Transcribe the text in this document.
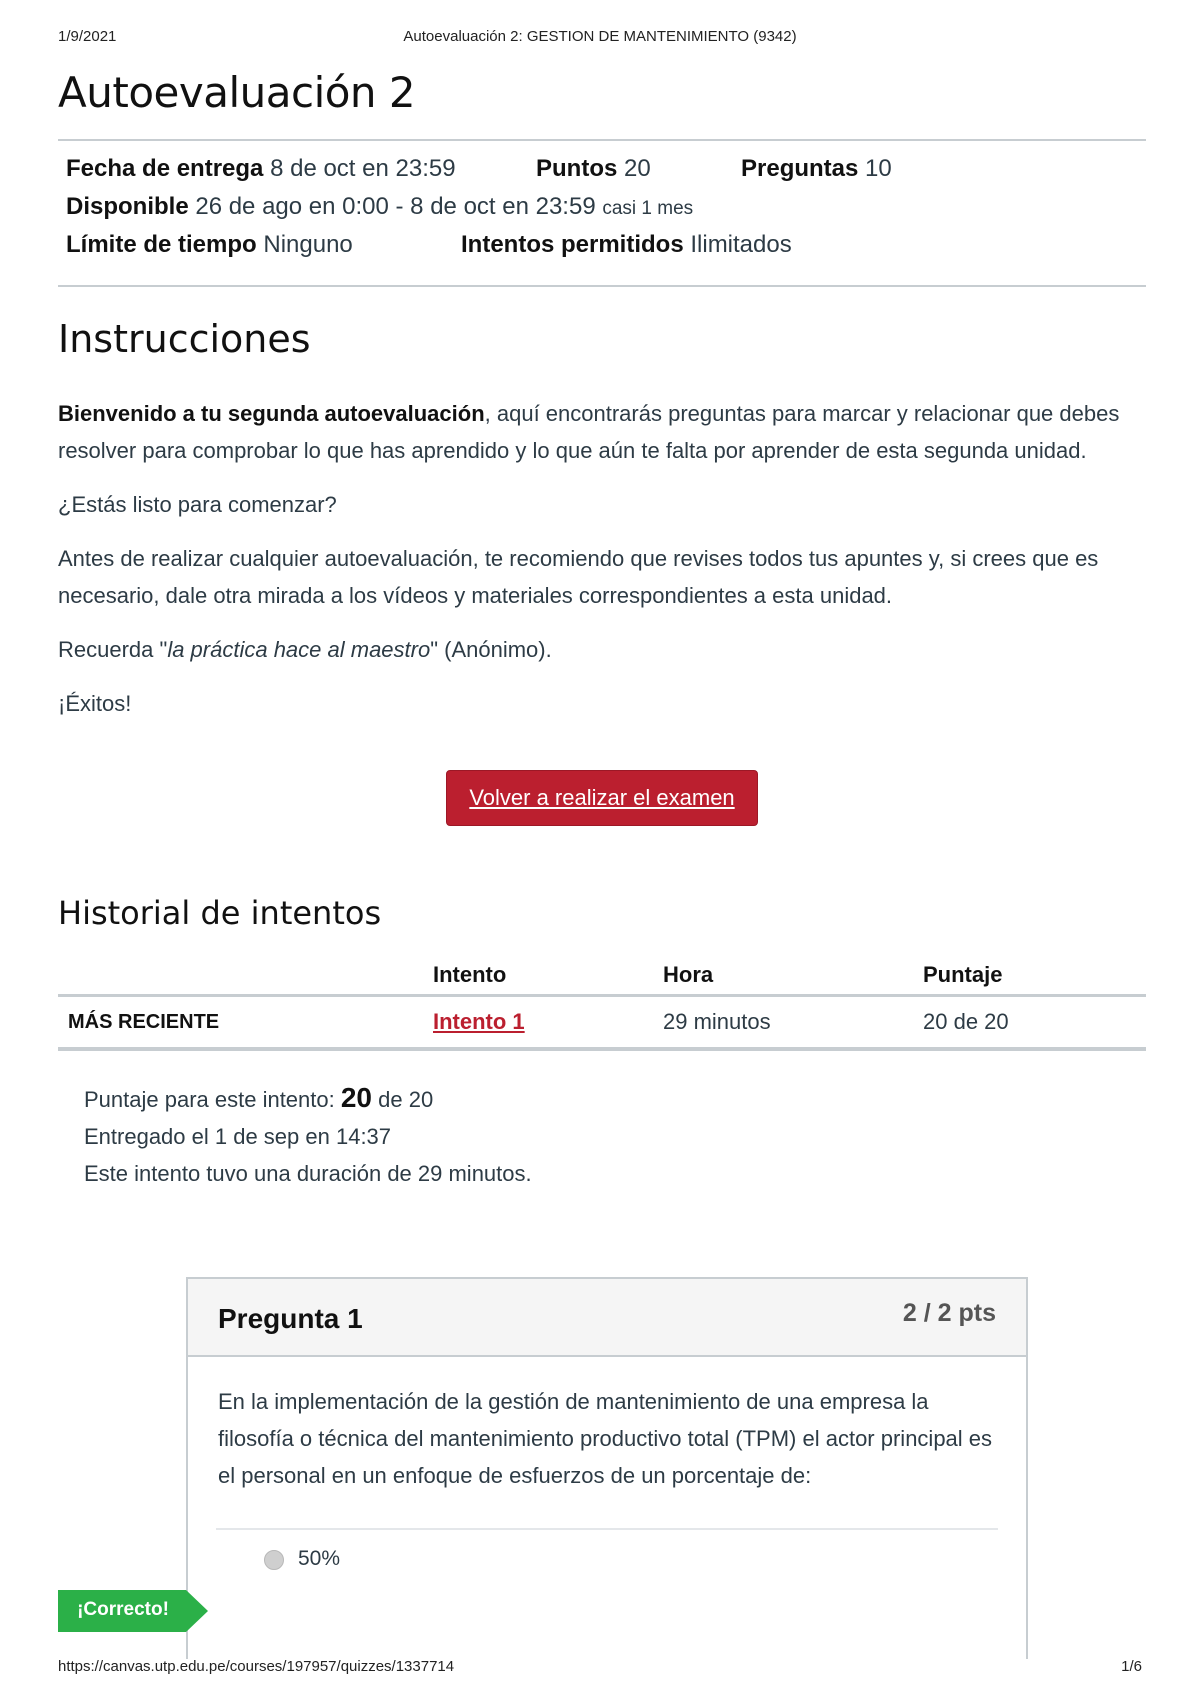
1/9/2021	Autoevaluación 2: GESTION DE MANTENIMIENTO (9342)
Autoevaluación 2
Fecha de entrega 8 de oct en 23:59	Puntos 20	Preguntas 10
Disponible 26 de ago en 0:00 - 8 de oct en 23:59 casi 1 mes
Límite de tiempo Ninguno	Intentos permitidos Ilimitados
Instrucciones

Bienvenido a tu segunda autoevaluación, aquí encontrarás preguntas para marcar y relacionar que debes resolver para comprobar lo que has aprendido y lo que aún te falta por aprender de esta segunda unidad.

¿Estás listo para comenzar?

Antes de realizar cualquier autoevaluación, te recomiendo que revises todos tus apuntes y, si crees que es necesario, dale otra mirada a los vídeos y materiales correspondientes a esta unidad.

Recuerda "la práctica hace al maestro" (Anónimo).

¡Éxitos!

Volver a realizar el examen
Historial de intentos
	Intento	Hora	Puntaje
MÁS RECIENTE	Intento 1	29 minutos	20 de 20
Puntaje para este intento: 20 de 20
Entregado el 1 de sep en 14:37
Este intento tuvo una duración de 29 minutos.
Pregunta 1	2 / 2 pts
En la implementación de la gestión de mantenimiento de una empresa la filosofía o técnica del mantenimiento productivo total (TPM) el actor principal es el personal en un enfoque de esfuerzos de un porcentaje de:
50%
¡Correcto!
https://canvas.utp.edu.pe/courses/197957/quizzes/1337714	1/6
